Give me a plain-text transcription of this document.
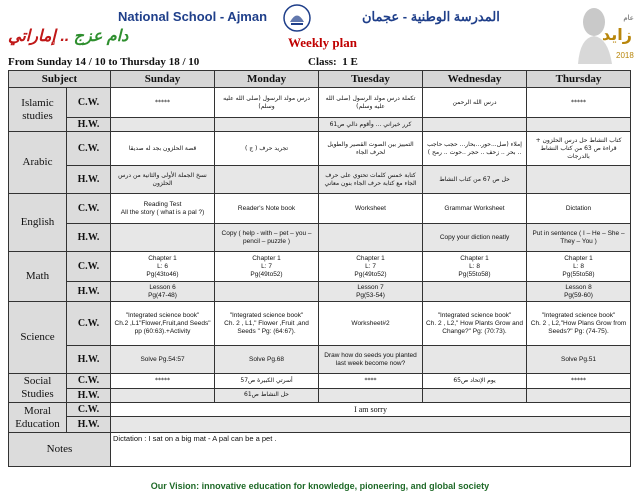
National School - Ajman	المدرسة الوطنية - عجمان
دام عزج .. إماراتي	زايد
عام
2018
Weekly plan
From Sunday 14 / 10 to Thursday 18 / 10	Class: 1 E
Subject		Sunday	Monday	Tuesday	Wednesday	Thursday
Islamic studies	C.W.	*****	درس مولد الرسول (صلى الله عليه وسلم)	تكملة درس مولد الرسول (صلى الله عليه وسلم)	درس الله الرحمن	*****
	H.W.			كرر خيراني ... وأقوم دالي ص61		
Arabic	C.W.	قصة الحلزون بجد له صديقا	تجريد حرف ( ج )	التمييز بين الصوت القصير والطويل لحرف الجاء	إملاء (صل...حور...بحار... حجب حاجب .. بحر .. زحف .. حجر ..حوت .. رمح )	كتاب النشاط حل درس الحلزون + قراءة ص 63 من كتاب النشاط بالدرجات
	H.W.	نسخ الجملة الأولى والثانية من درس الحلزون		كتابة خمس كلمات تحتوي على حرف الجاء مع كتابة حرف الجاء بنون معاني	حل ص 67 من كتاب النشاط	
English	C.W.	Reading Test
All the story ( what is a pal ?)	Reader's Note book	Worksheet	Grammar Worksheet	Dictation
	H.W.		Copy ( help - with – pet – you – pencil – puzzle )		Copy your diction neatly	Put in sentence ( I – He – She – They – You )
Math	C.W.	Chapter 1
L: 6
Pg(43to46)	Chapter 1
L: 7
Pg(49to52)	Chapter 1
L: 7
Pg(49to52)	Chapter 1
L: 8
Pg(55to58)	Chapter 1
L: 8
Pg(55to58)
	H.W.	Lesson 6
Pg(47-48)		Lesson 7
Pg(53-54)		Lesson 8
Pg(59-60)
Science	C.W.	"Integrated science book"
Ch.2 ,L1"Flower,Fruit,and Seeds"
pp (60:63).+Activity	"Integrated science book"
Ch. 2 , L1," Flower ,Fruit ,and Seeds " Pg: (64:67).	Worksheet#2	"Integrated science book"
Ch. 2 , L2," How Plants Grow and Change?" Pg: (70:73).	"Integrated science book"
Ch. 2 , L2,"How Plans Grow from Seeds?" Pg: (74-75).
	H.W.	Solve Pg.54:57	Solve Pg.68	Draw how do seeds you planted last week become now?		Solve Pg.51
Social Studies	C.W.	*****	أسرتي الكبيرة ص57	****	يوم الإتحاد ص65	*****
	H.W.		حل النشاط ص61			
Moral Education	C.W.	I am sorry				
	H.W.					
Notes		Dictation : I sat on a big mat - A pal can be a pet .				
Our Vision: innovative education for knowledge, pioneering, and global society
